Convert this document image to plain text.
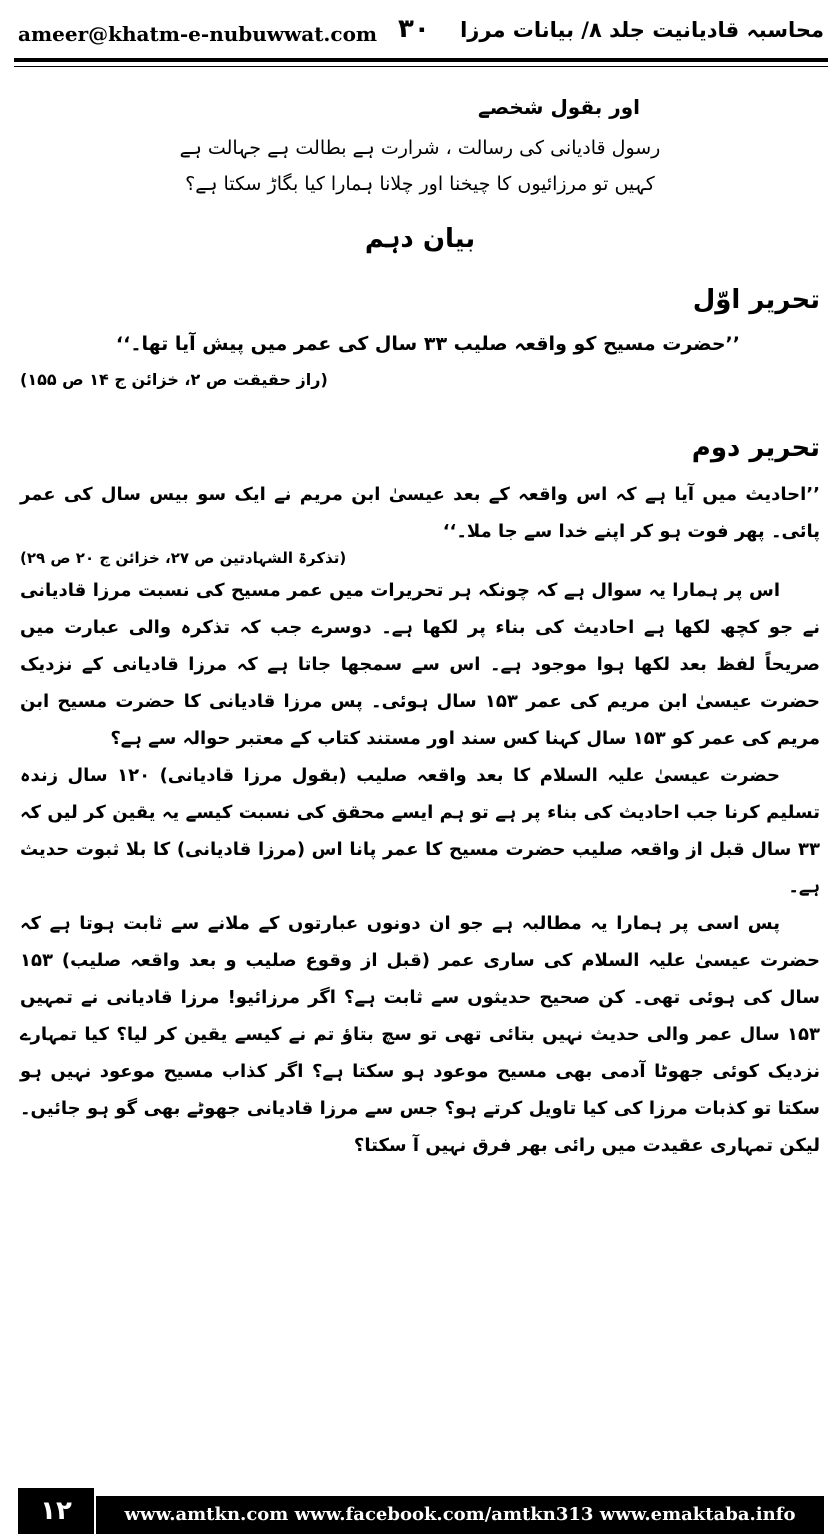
ameer@khatm-e-nubuwwat.com ۳۰ محاسبہ قادیانیت جلد ۸/ بیانات مرزا
اور بقول شخصے
رسول قادیانی کی رسالت ، شرارت ہے بطالت ہے جہالت ہے
کہیں تو مرزائیوں کا چیخنا اور چلانا ہمارا کیا بگاڑ سکتا ہے؟
بیان دہم
تحریر اوّل
’’حضرت مسیح کو واقعہ صلیب ۳۳ سال کی عمر میں پیش آیا تھا۔‘‘
(راز حقیقت ص ۲، خزائن ج ۱۴ ص ۱۵۵)
تحریر دوم

’’احادیث میں آیا ہے کہ اس واقعہ کے بعد عیسیٰ ابن مریم نے ایک سو بیس سال کی عمر پائی۔ پھر فوت ہو کر اپنے خدا سے جا ملا۔‘‘

(تذکرۃ الشہادتین ص ۲۷، خزائن ج ۲۰ ص ۲۹)

اس پر ہمارا یہ سوال ہے کہ چونکہ ہر تحریرات میں عمر مسیح کی نسبت مرزا قادیانی نے جو کچھ لکھا ہے احادیث کی بناء پر لکھا ہے۔ دوسرے جب کہ تذکرہ والی عبارت میں صریحاً لفظ بعد لکھا ہوا موجود ہے۔ اس سے سمجھا جاتا ہے کہ مرزا قادیانی کے نزدیک حضرت عیسیٰ ابن مریم کی عمر ۱۵۳ سال ہوئی۔ پس مرزا قادیانی کا حضرت مسیح ابن مریم کی عمر کو ۱۵۳ سال کہنا کس سند اور مستند کتاب کے معتبر حوالہ سے ہے؟

حضرت عیسیٰ علیہ السلام کا بعد واقعہ صلیب (بقول مرزا قادیانی) ۱۲۰ سال زندہ تسلیم کرنا جب احادیث کی بناء پر ہے تو ہم ایسے محقق کی نسبت کیسے یہ یقین کر لیں کہ ۳۳ سال قبل از واقعہ صلیب حضرت مسیح کا عمر پانا اس (مرزا قادیانی) کا بلا ثبوت حدیث ہے۔

پس اسی پر ہمارا یہ مطالبہ ہے جو ان دونوں عبارتوں کے ملانے سے ثابت ہوتا ہے کہ حضرت عیسیٰ علیہ السلام کی ساری عمر (قبل از وقوع صلیب و بعد واقعہ صلیب) ۱۵۳ سال کی ہوئی تھی۔ کن صحیح حدیثوں سے ثابت ہے؟ اگر مرزائیو! مرزا قادیانی نے تمہیں ۱۵۳ سال عمر والی حدیث نہیں بتائی تھی تو سچ بتاؤ تم نے کیسے یقین کر لیا؟ کیا تمہارے نزدیک کوئی جھوٹا آدمی بھی مسیح موعود ہو سکتا ہے؟ اگر کذاب مسیح موعود نہیں ہو سکتا تو کذبات مرزا کی کیا تاویل کرتے ہو؟ جس سے مرزا قادیانی جھوٹے بھی گو ہو جائیں۔ لیکن تمہاری عقیدت میں رائی بھر فرق نہیں آ سکتا؟

۱۲	www.amtkn.com www.facebook.com/amtkn313 www.emaktaba.info
